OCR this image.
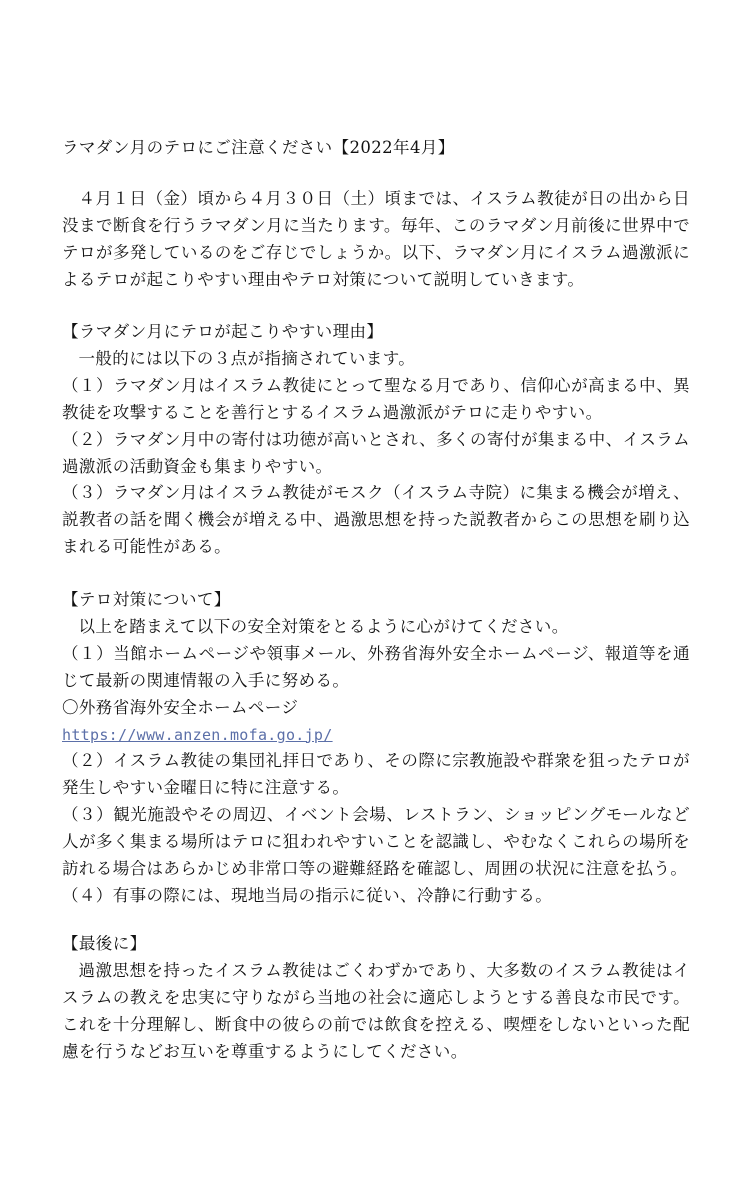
ラマダン月のテロにご注意ください【2022年4月】

４月１日（金）頃から４月３０日（土）頃までは、イスラム教徒が日の出から日没まで断食を行うラマダン月に当たります。毎年、このラマダン月前後に世界中でテロが多発しているのをご存じでしょうか。以下、ラマダン月にイスラム過激派によるテロが起こりやすい理由やテロ対策について説明していきます。

【ラマダン月にテロが起こりやすい理由】

一般的には以下の３点が指摘されています。

（１）ラマダン月はイスラム教徒にとって聖なる月であり、信仰心が高まる中、異教徒を攻撃することを善行とするイスラム過激派がテロに走りやすい。

（２）ラマダン月中の寄付は功徳が高いとされ、多くの寄付が集まる中、イスラム過激派の活動資金も集まりやすい。

（３）ラマダン月はイスラム教徒がモスク（イスラム寺院）に集まる機会が増え、説教者の話を聞く機会が増える中、過激思想を持った説教者からこの思想を刷り込まれる可能性がある。

【テロ対策について】

以上を踏まえて以下の安全対策をとるように心がけてください。

（１）当館ホームページや領事メール、外務省海外安全ホームページ、報道等を通じて最新の関連情報の入手に努める。

〇外務省海外安全ホームページ

https://www.anzen.mofa.go.jp/

（２）イスラム教徒の集団礼拝日であり、その際に宗教施設や群衆を狙ったテロが発生しやすい金曜日に特に注意する。

（３）観光施設やその周辺、イベント会場、レストラン、ショッピングモールなど人が多く集まる場所はテロに狙われやすいことを認識し、やむなくこれらの場所を訪れる場合はあらかじめ非常口等の避難経路を確認し、周囲の状況に注意を払う。

（４）有事の際には、現地当局の指示に従い、冷静に行動する。

【最後に】

過激思想を持ったイスラム教徒はごくわずかであり、大多数のイスラム教徒はイスラムの教えを忠実に守りながら当地の社会に適応しようとする善良な市民です。これを十分理解し、断食中の彼らの前では飲食を控える、喫煙をしないといった配慮を行うなどお互いを尊重するようにしてください。
